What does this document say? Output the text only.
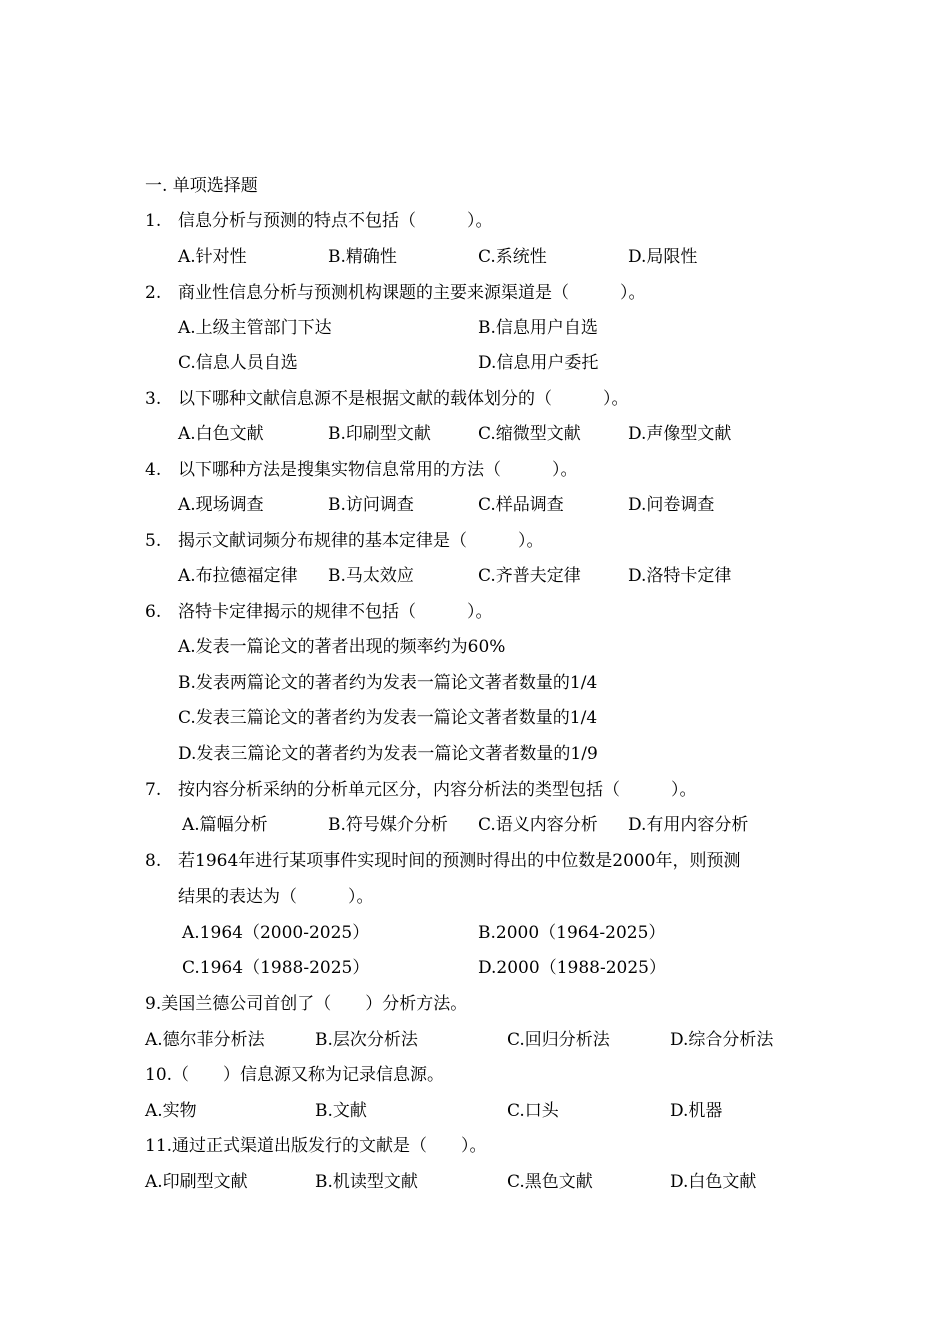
一. 单项选择题
1. 信息分析与预测的特点不包括（　　　）。
A.针对性	B.精确性	C.系统性	D.局限性
2. 商业性信息分析与预测机构课题的主要来源渠道是（　　　）。
A.上级主管部门下达	B.信息用户自选
C.信息人员自选	D.信息用户委托
3. 以下哪种文献信息源不是根据文献的载体划分的（　　　）。
A.白色文献	B.印刷型文献	C.缩微型文献	D.声像型文献
4. 以下哪种方法是搜集实物信息常用的方法（　　　）。
A.现场调查	B.访问调查	C.样品调查	D.问卷调查
5. 揭示文献词频分布规律的基本定律是（　　　）。
A.布拉德福定律 B.马太效应	C.齐普夫定律	D.洛特卡定律
6. 洛特卡定律揭示的规律不包括（　　　）。
A.发表一篇论文的著者出现的频率约为60%
B.发表两篇论文的著者约为发表一篇论文著者数量的1/4
C.发表三篇论文的著者约为发表一篇论文著者数量的1/4
D.发表三篇论文的著者约为发表一篇论文著者数量的1/9
7. 按内容分析采纳的分析单元区分，内容分析法的类型包括（　　　）。
A.篇幅分析	B.符号媒介分析 C.语义内容分析 D.有用内容分析
8. 若1964年进行某项事件实现时间的预测时得出的中位数是2000年，则预测
结果的表达为（　　　）。
A.1964（2000-2025）	B.2000（1964-2025）
C.1964（1988-2025）	D.2000（1988-2025）
9.美国兰德公司首创了（　　）分析方法。
A.德尔菲分析法	B.层次分析法	C.回归分析法	D.综合分析法
10.（　　）信息源又称为记录信息源。
A.实物	B.文献	C.口头	D.机器
11.通过正式渠道出版发行的文献是（　　）。
A.印刷型文献	B.机读型文献	C.黑色文献	D.白色文献
